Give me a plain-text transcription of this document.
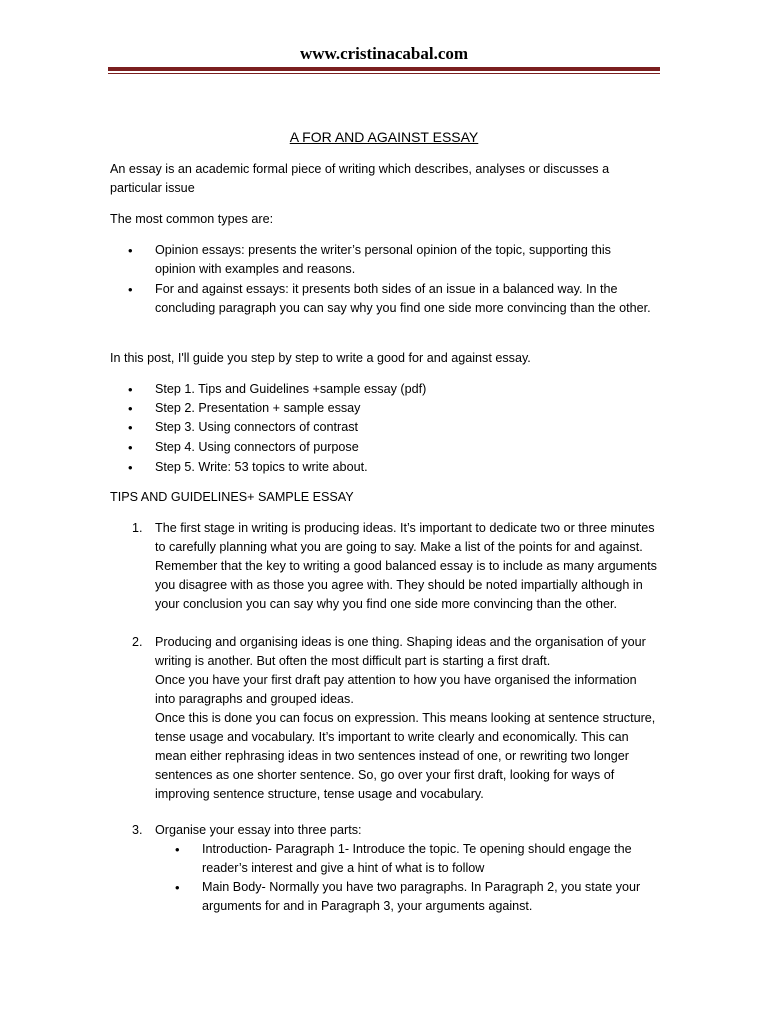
www.cristinacabal.com
A FOR AND AGAINST ESSAY

An essay is an academic formal piece of writing which describes, analyses or discusses a particular issue

The most common types are:

• Opinion essays: presents the writer’s personal opinion of the topic, supporting this opinion with examples and reasons.

• For and against essays: it presents both sides of an issue in a balanced way. In the concluding paragraph you can say why you find one side more convincing than the other.

In this post, I'll guide you step by step to write a good for and against essay.

• Step 1. Tips and Guidelines +sample essay (pdf)

• Step 2. Presentation + sample essay

• Step 3. Using connectors of contrast

• Step 4. Using connectors of purpose

• Step 5. Write: 53 topics to write about.

TIPS AND GUIDELINES+ SAMPLE ESSAY

1. The first stage in writing is producing ideas. It’s important to dedicate two or three minutes to carefully planning what you are going to say. Make a list of the points for and against. Remember that the key to writing a good balanced essay is to include as many arguments you disagree with as those you agree with. They should be noted impartially although in your conclusion you can say why you find one side more convincing than the other.

2. Producing and organising ideas is one thing. Shaping ideas and the organisation of your writing is another. But often the most difficult part is starting a first draft.

Once you have your first draft pay attention to how you have organised the information into paragraphs and grouped ideas.

Once this is done you can focus on expression. This means looking at sentence structure, tense usage and vocabulary. It’s important to write clearly and economically. This can mean either rephrasing ideas in two sentences instead of one, or rewriting two longer sentences as one shorter sentence. So, go over your first draft, looking for ways of improving sentence structure, tense usage and vocabulary.

3. Organise your essay into three parts:

• Introduction- Paragraph 1- Introduce the topic. Te opening should engage the reader’s interest and give a hint of what is to follow

• Main Body- Normally you have two paragraphs. In Paragraph 2, you state your arguments for and in Paragraph 3, your arguments against.
